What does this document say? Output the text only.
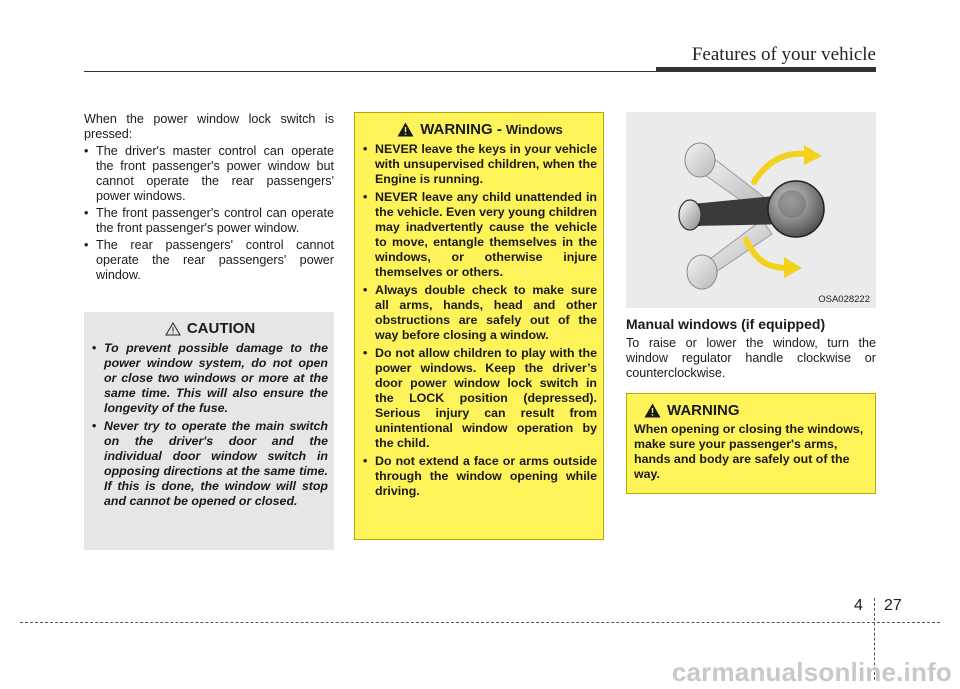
Features of your vehicle

When the power window lock switch is pressed:

• The driver's master control can operate the front passenger's power window but cannot operate the rear passengers' power windows.
• The front passenger's control can operate the front passenger's power window.
• The rear passengers' control cannot operate the rear passengers' power window.
CAUTION
• To prevent possible damage to the power window system, do not open or close two windows or more at the same time. This will also ensure the longevity of the fuse.
• Never try to operate the main switch on the driver's door and the individual door window switch in opposing directions at the same time. If this is done, the window will stop and cannot be opened or closed.
WARNING - Windows
• NEVER leave the keys in your vehicle with unsupervised children, when the Engine is running.
• NEVER leave any child unattended in the vehicle. Even very young children may inadvertently cause the vehicle to move, entangle themselves in the windows, or otherwise injure themselves or others.
• Always double check to make sure all arms, hands, head and other obstructions are safely out of the way before closing a window.
• Do not allow children to play with the power windows. Keep the driver’s door power window lock switch in the LOCK position (depressed). Serious injury can result from unintentional window operation by the child.
• Do not extend a face or arms outside through the window opening while driving.
OSA028222
Manual windows (if equipped)

To raise or lower the window, turn the window regulator handle clockwise or counterclockwise.

WARNING

When opening or closing the windows, make sure your passenger's arms, hands and body are safely out of the way.

4 27
carmanualsonline.info
